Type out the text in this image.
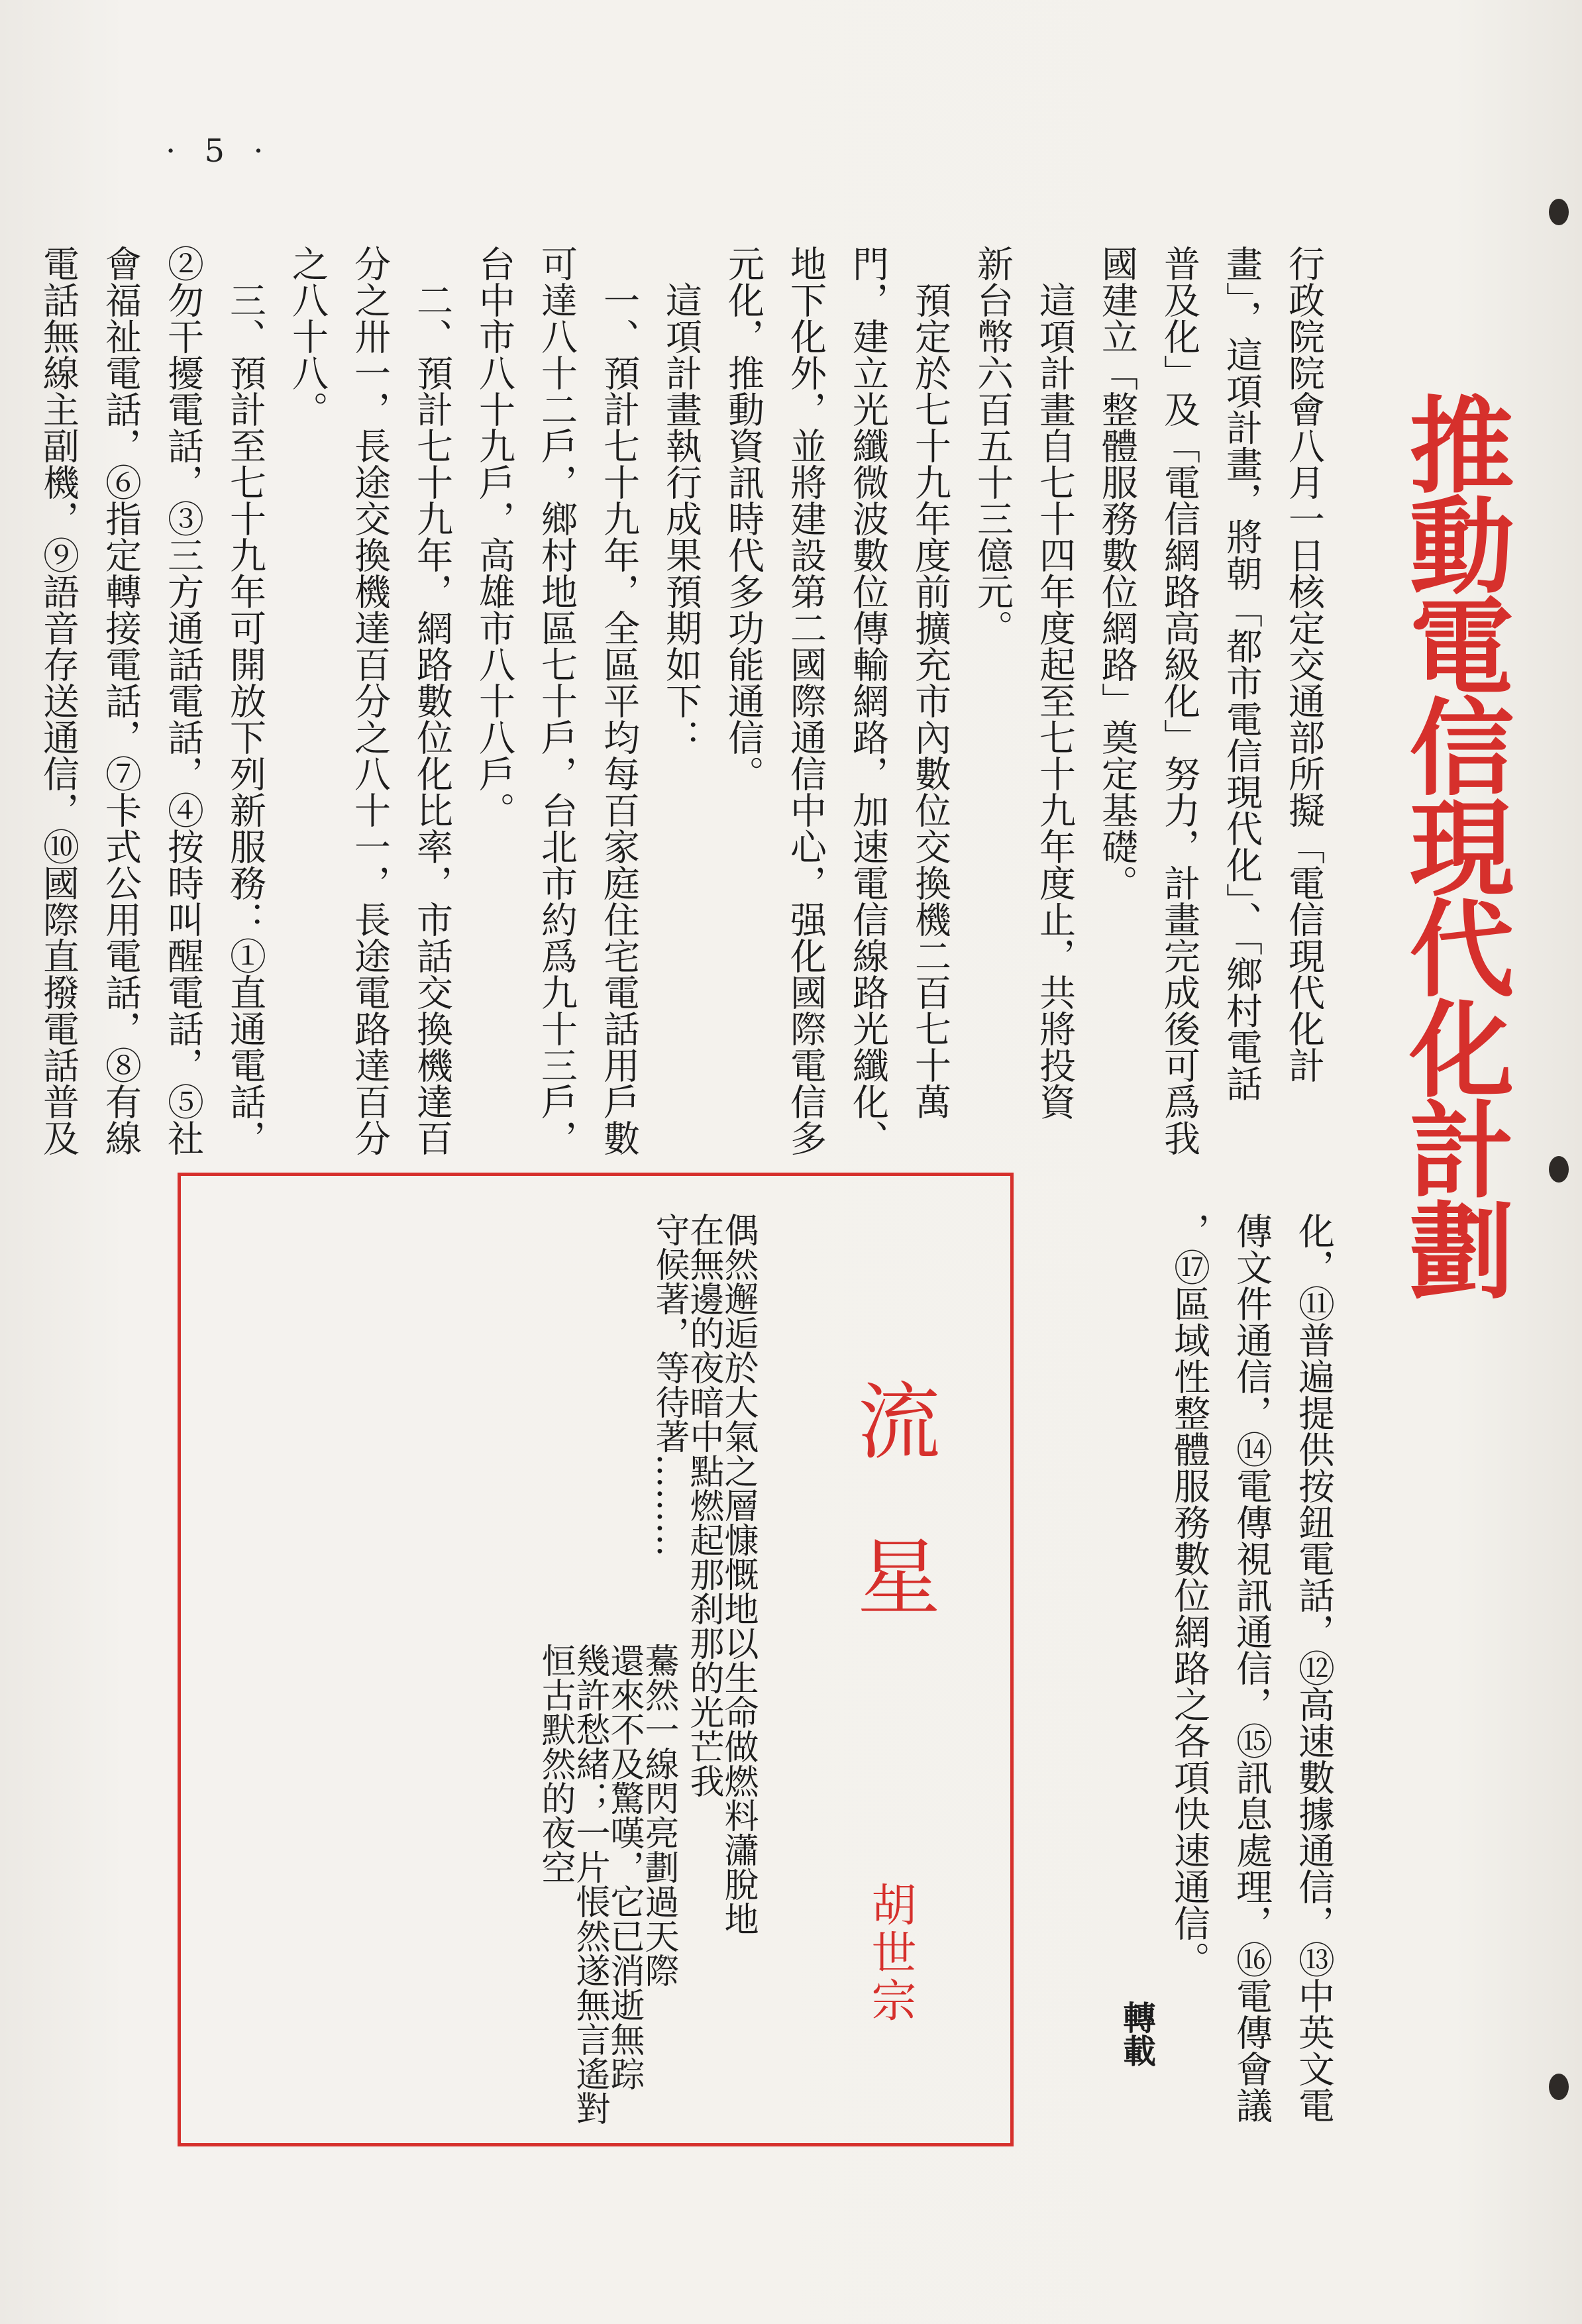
· 5 ·
推動電信現代化計劃
行政院院會八月一日核定交通部所擬「電信現代化計
畫」，這項計畫，將朝「都市電信現代化」、「鄉村電話
普及化」及「電信網路高級化」努力，計畫完成後可爲我
國建立「整體服務數位網路」奠定基礎。
　這項計畫自七十四年度起至七十九年度止，共將投資
新台幣六百五十三億元。
　預定於七十九年度前擴充市內數位交換機二百七十萬
門，建立光纖微波數位傳輸網路，加速電信線路光纖化、
地下化外，並將建設第二國際通信中心，强化國際電信多
元化，推動資訊時代多功能通信。
　這項計畫執行成果預期如下：
　一、預計七十九年，全區平均每百家庭住宅電話用戶數
可達八十二戶，鄉村地區七十戶，台北市約爲九十三戶，
台中市八十九戶，高雄市八十八戶。
　二、預計七十九年，網路數位化比率，市話交換機達百
分之卅一，長途交換機達百分之八十一，長途電路達百分
之八十八。
　三、預計至七十九年可開放下列新服務：①直通電話，
②勿干擾電話，③三方通話電話，④按時叫醒電話，⑤社
會福祉電話，⑥指定轉接電話，⑦卡式公用電話，⑧有線
電話無線主副機，⑨語音存送通信，⑩國際直撥電話普及
化，⑪普遍提供按鈕電話，⑫高速數據通信，⑬中英文電
傳文件通信，⑭電傳視訊通信，⑮訊息處理，⑯電傳會議
，⑰區域性整體服務數位網路之各項快速通信。
轉載
流星
胡世宗
偶然邂逅於大氣之層慷慨地以生命做燃料瀟脫地在無邊的夜暗中點燃起那刹那的光芒我守候著，等待著………
驀然一線閃亮劃過天際還來不及驚嘆，它已消逝無踪幾許愁緒；一片悵然遂無言遙對恒古默然的夜空
